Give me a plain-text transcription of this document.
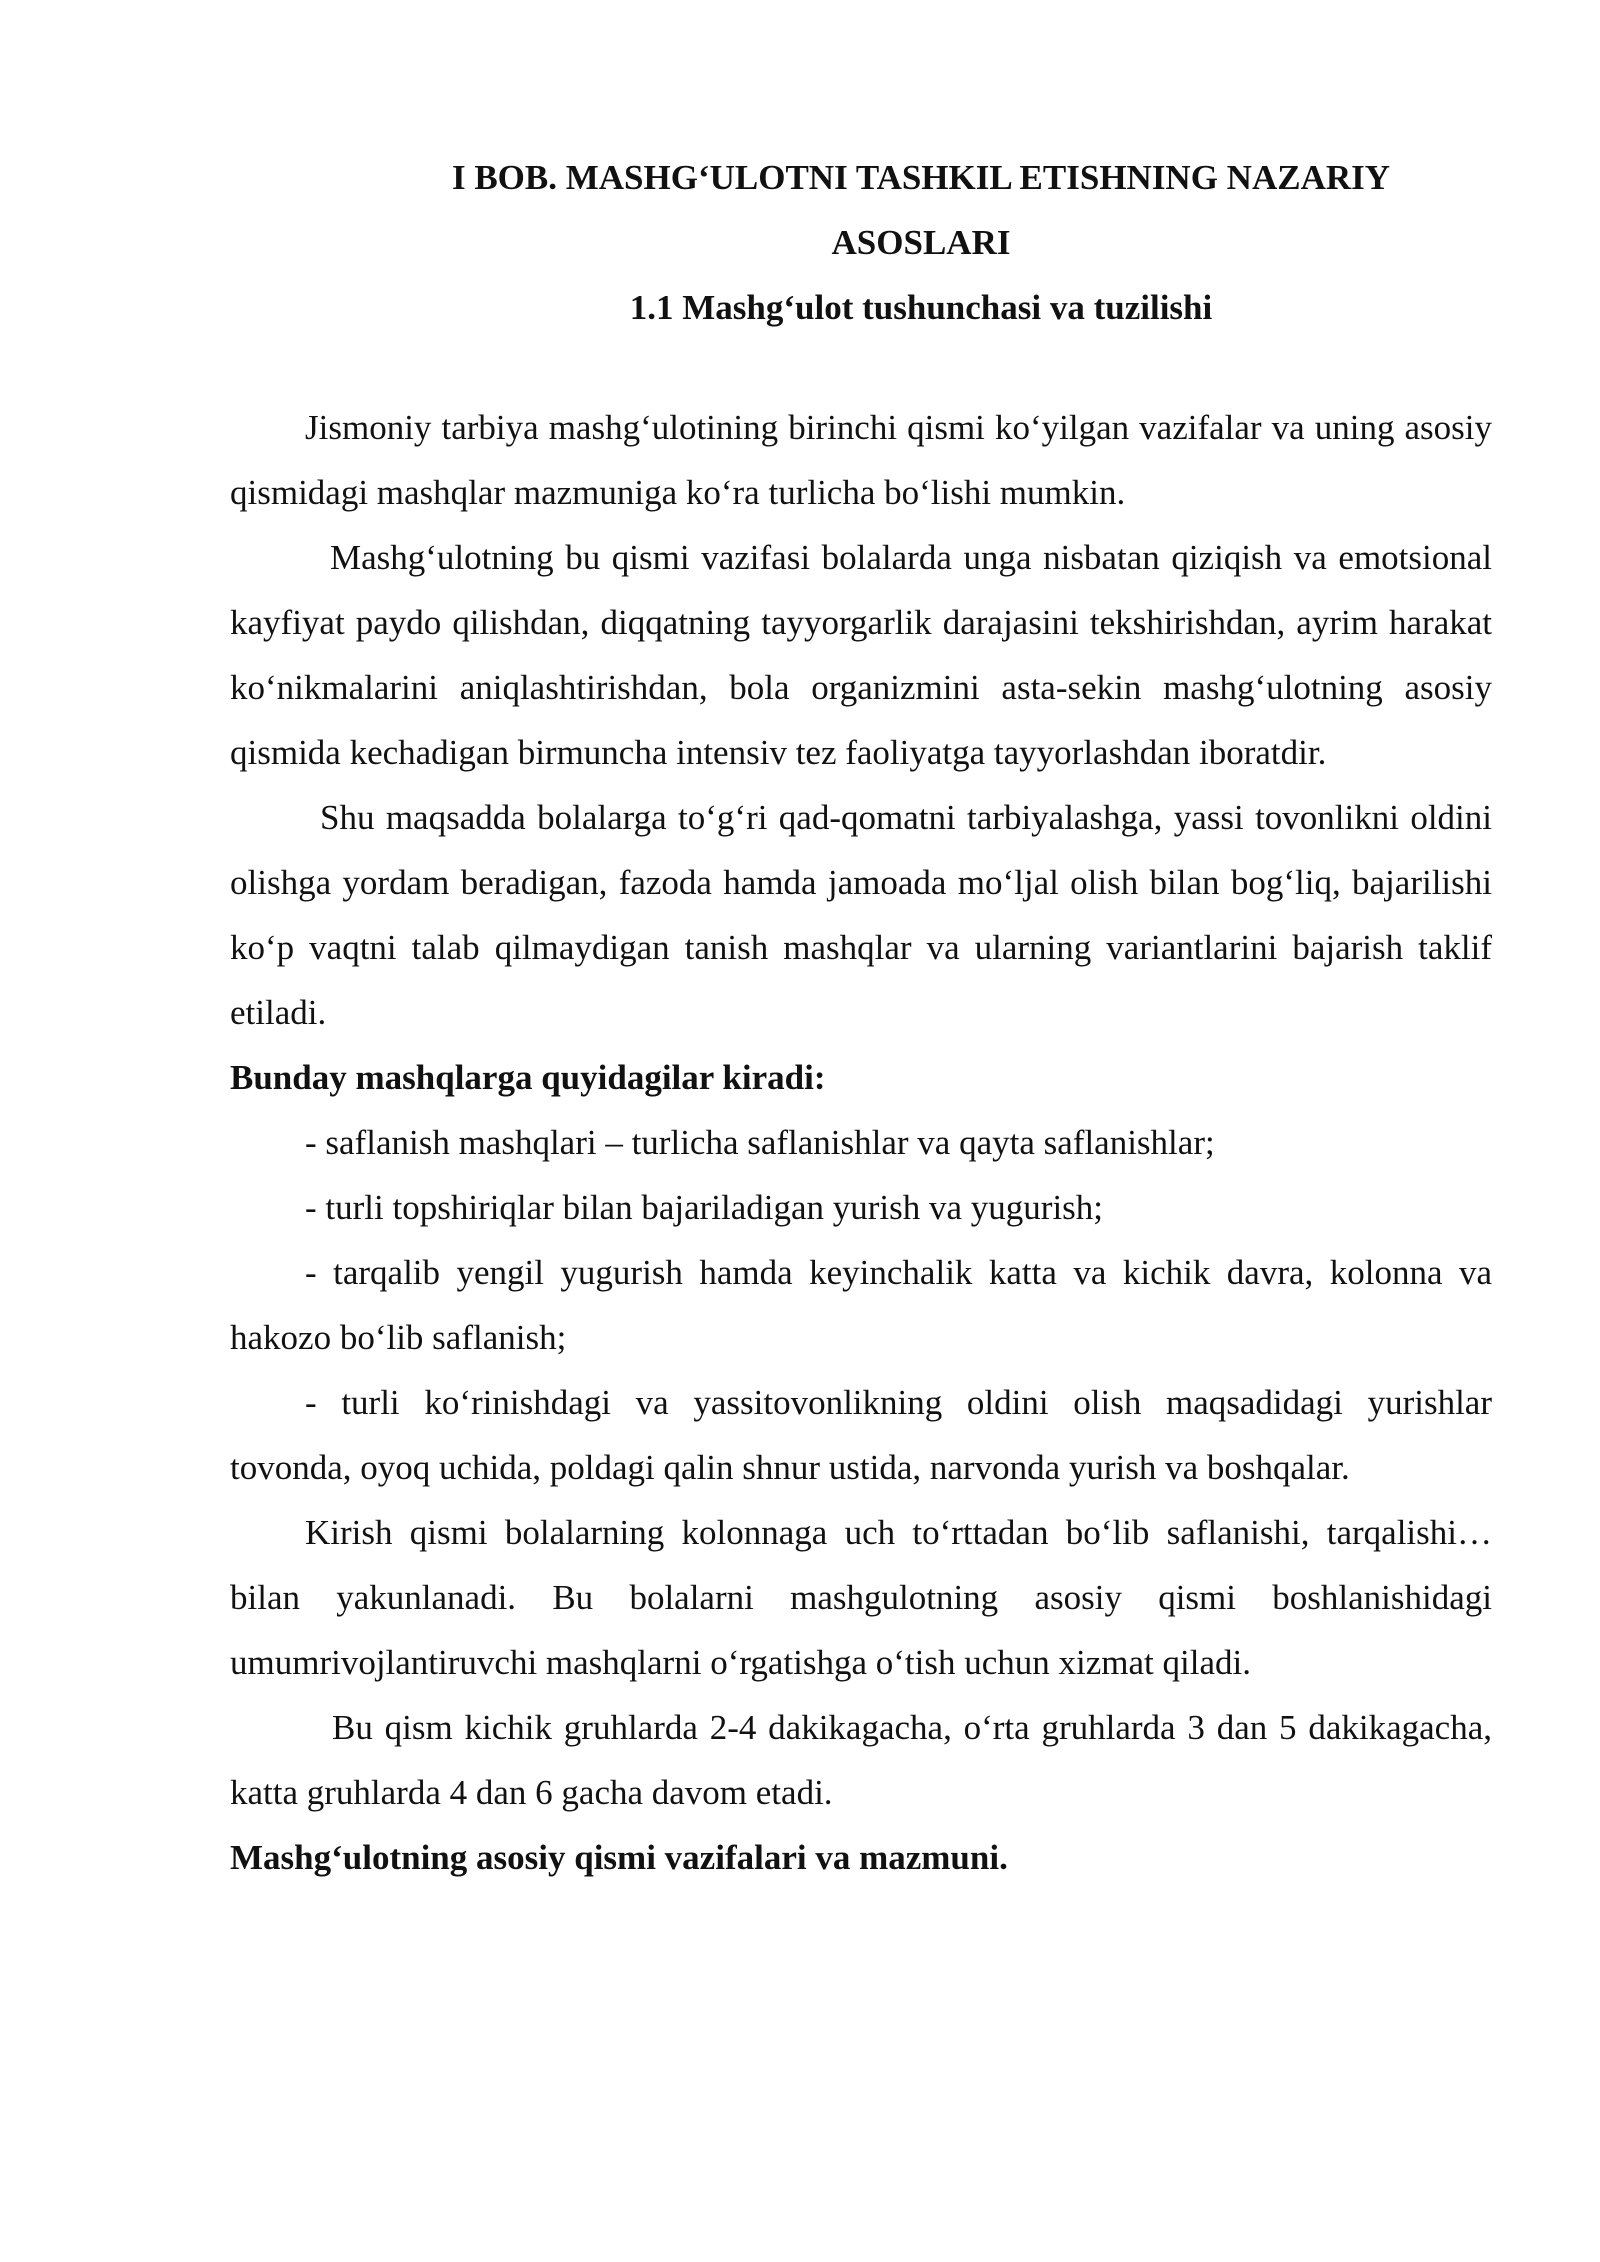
I BOB. MASHG‘ULOTNI TASHKIL ETISHNING NAZARIY
ASOSLARI
1.1 Mashg‘ulot tushunchasi va tuzilishi

Jismoniy tarbiya mashg‘ulotining birinchi qismi ko‘yilgan vazifalar va uning asosiy qismidagi mashqlar mazmuniga ko‘ra turlicha bo‘lishi mumkin.

Mashg‘ulotning bu qismi vazifasi bolalarda unga nisbatan qiziqish va emotsional kayfiyat paydo qilishdan, diqqatning tayyorgarlik darajasini tekshirishdan, ayrim harakat ko‘nikmalarini aniqlashtirishdan, bola organizmini asta-sekin mashg‘ulotning asosiy qismida kechadigan birmuncha intensiv tez faoliyatga tayyorlashdan iboratdir.

Shu maqsadda bolalarga to‘g‘ri qad-qomatni tarbiyalashga, yassi tovonlikni oldini olishga yordam beradigan, fazoda hamda jamoada mo‘ljal olish bilan bog‘liq, bajarilishi ko‘p vaqtni talab qilmaydigan tanish mashqlar va ularning variantlarini bajarish taklif etiladi.

Bunday mashqlarga quyidagilar kiradi:

- saflanish mashqlari – turlicha saflanishlar va qayta saflanishlar;

- turli topshiriqlar bilan bajariladigan yurish va yugurish;

- tarqalib yengil yugurish hamda keyinchalik katta va kichik davra, kolonna va hakozo bo‘lib saflanish;

- turli ko‘rinishdagi va yassitovonlikning oldini olish maqsadidagi yurishlar tovonda, oyoq uchida, poldagi qalin shnur ustida, narvonda yurish va boshqalar.

Kirish qismi bolalarning kolonnaga uch to‘rttadan bo‘lib saflanishi, tarqalishi… bilan yakunlanadi. Bu bolalarni mashgulotning asosiy qismi boshlanishidagi umumrivojlantiruvchi mashqlarni o‘rgatishga o‘tish uchun xizmat qiladi.

Bu qism kichik gruhlarda 2-4 dakikagacha, o‘rta gruhlarda 3 dan 5 dakikagacha, katta gruhlarda 4 dan 6 gacha davom etadi.

Mashg‘ulotning asosiy qismi vazifalari va mazmuni.
